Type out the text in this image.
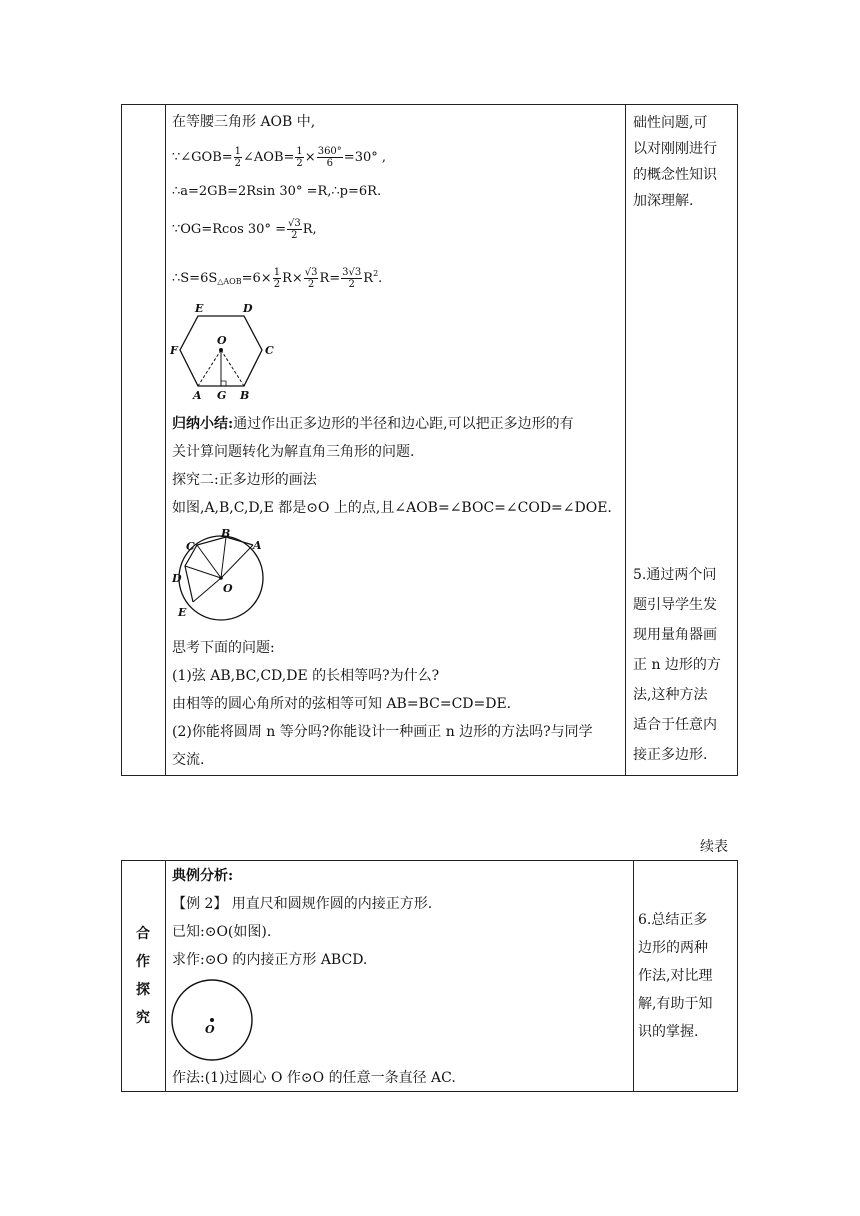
在等腰三角形 AOB 中,
∵∠GOB= $\frac{1}{2}$ ∠AOB= $\frac{1}{2} \times \frac{360^\circ}{6} =30^\circ$ ,
∴a=2GB=2Rsin 30° =R,∴p=6R.
∵OG=Rcos $30^\circ = \frac{√3}{2} R$,
$\therefore S=6S_{\triangle AOB}=6\times \frac{1}{2} R\times \frac{√3}{2} R= \frac{3√3}{2} R^2$.
E	D
F
O
C
A G B
归纳小结:通过作出正多边形的半径和边心距,可以把正多边形的有
关计算问题转化为解直角三角形的问题.
探究二:正多边形的画法
如图,A,B,C,D,E 都是⊙O 上的点,且∠AOB=∠BOC=∠COD=∠DOE.
B
A
C
D
O
E
思考下面的问题:
(1)弦 AB,BC,CD,DE 的长相等吗?为什么?
由相等的圆心角所对的弦相等可知 AB=BC=CD=DE.
(2)你能将圆周 n 等分吗?你能设计一种画正 n 边形的方法吗?与同学
交流.
础性问题,可
以对刚刚进行
的概念性知识
加深理解.
5.通过两个问
题引导学生发
现用量角器画
正 n 边形的方
法,这种方法
适合于任意内
接正多边形.
续表
合
作
探
究
典例分析:
【例 2】 用直尺和圆规作圆的内接正方形.
已知:⊙O(如图).
求作:⊙O 的内接正方形 ABCD.
O
作法:(1)过圆心 O 作⊙O 的任意一条直径 AC.
6.总结正多
边形的两种
作法,对比理
解,有助于知
识的掌握.
